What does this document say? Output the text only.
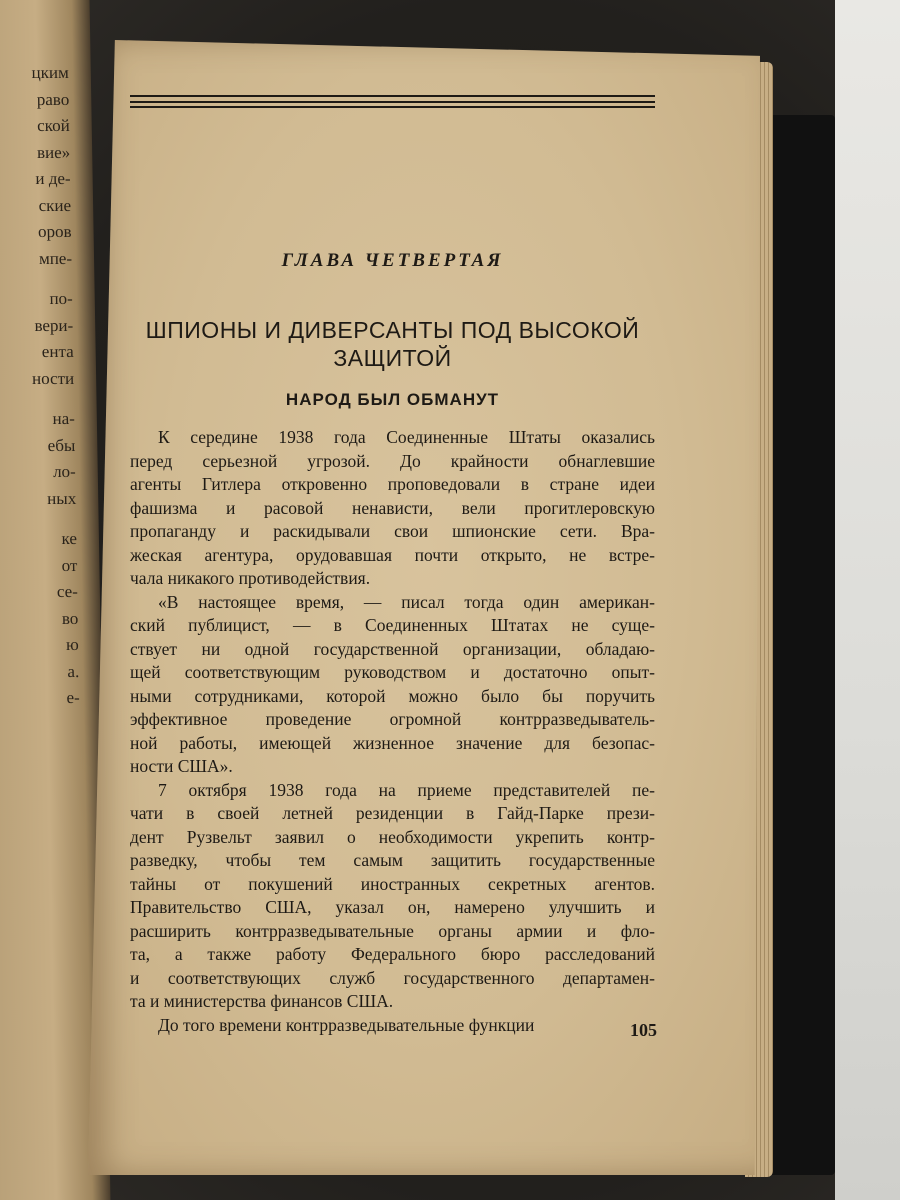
цким
раво
ской
вие»
и де-
ские
оров
мпе-
по-
вери-
ента
ности
на-
ебы
ло-
ных
ке
от
се-
во
ю
а.
е-
ГЛАВА ЧЕТВЕРТАЯ
ШПИОНЫ И ДИВЕРСАНТЫ ПОД ВЫСОКОЙ
ЗАЩИТОЙ
НАРОД БЫЛ ОБМАНУТ
К середине 1938 года Соединенные Штаты оказались
перед серьезной угрозой. До крайности обнаглевшие
агенты Гитлера откровенно проповедовали в стране идеи
фашизма и расовой ненависти, вели прогитлеровскую
пропаганду и раскидывали свои шпионские сети. Вра-
жеская агентура, орудовавшая почти открыто, не встре-
чала никакого противодействия.
«В настоящее время, — писал тогда один американ-
ский публицист, — в Соединенных Штатах не суще-
ствует ни одной государственной организации, обладаю-
щей соответствующим руководством и достаточно опыт-
ными сотрудниками, которой можно было бы поручить
эффективное проведение огромной контрразведыватель-
ной работы, имеющей жизненное значение для безопас-
ности США».
7 октября 1938 года на приеме представителей пе-
чати в своей летней резиденции в Гайд-Парке прези-
дент Рузвельт заявил о необходимости укрепить контр-
разведку, чтобы тем самым защитить государственные
тайны от покушений иностранных секретных агентов.
Правительство США, указал он, намерено улучшить и
расширить контрразведывательные органы армии и фло-
та, а также работу Федерального бюро расследований
и соответствующих служб государственного департамен-
та и министерства финансов США.
До того времени контрразведывательные функции	105
